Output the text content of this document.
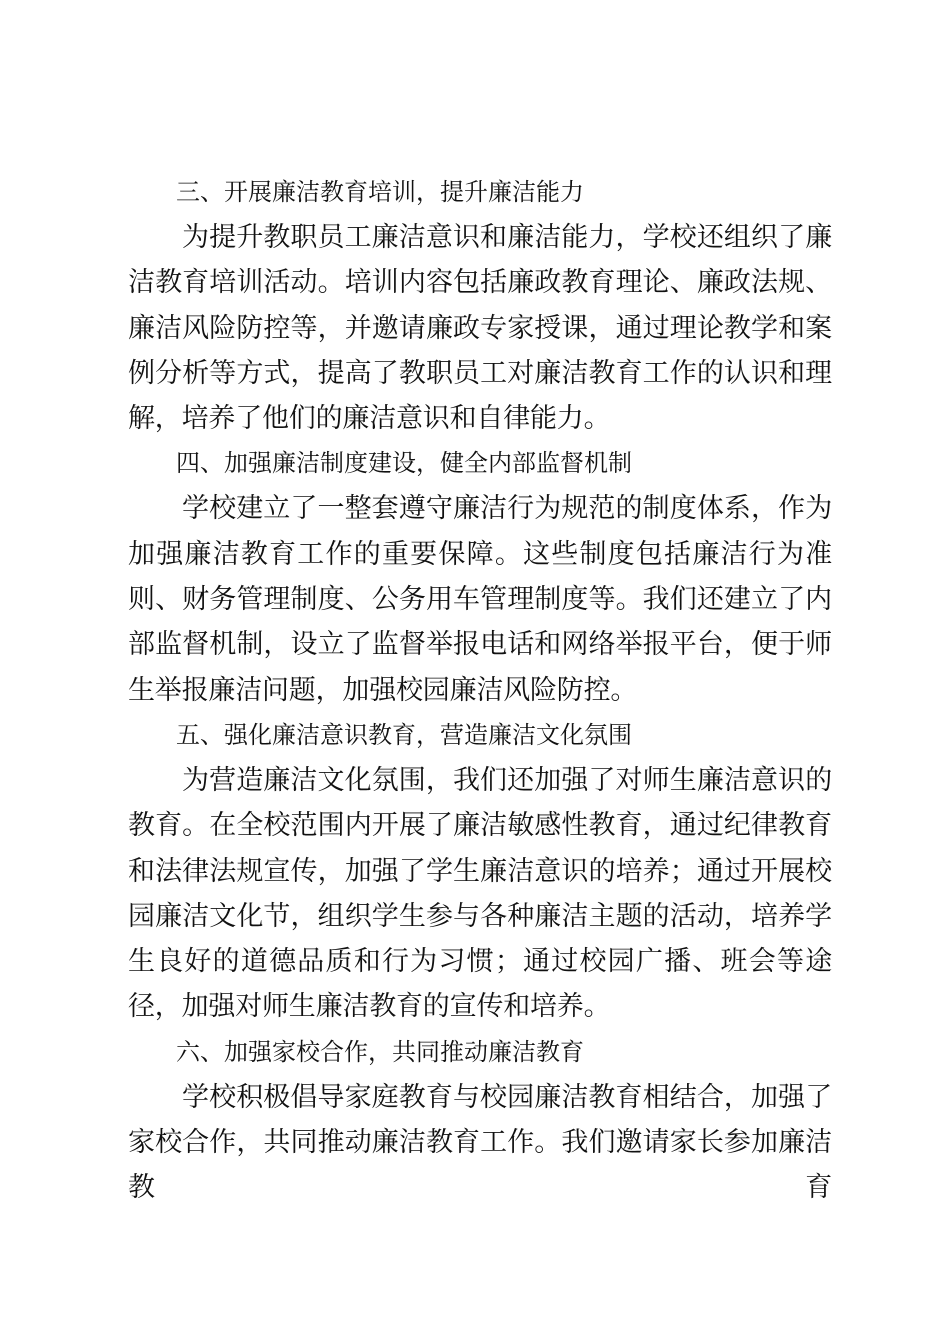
三、开展廉洁教育培训，提升廉洁能力

为提升教职员工廉洁意识和廉洁能力，学校还组织了廉洁教育培训活动。培训内容包括廉政教育理论、廉政法规、廉洁风险防控等，并邀请廉政专家授课，通过理论教学和案例分析等方式，提高了教职员工对廉洁教育工作的认识和理解，培养了他们的廉洁意识和自律能力。

四、加强廉洁制度建设，健全内部监督机制

学校建立了一整套遵守廉洁行为规范的制度体系，作为加强廉洁教育工作的重要保障。这些制度包括廉洁行为准则、财务管理制度、公务用车管理制度等。我们还建立了内部监督机制，设立了监督举报电话和网络举报平台，便于师生举报廉洁问题，加强校园廉洁风险防控。

五、强化廉洁意识教育，营造廉洁文化氛围

为营造廉洁文化氛围，我们还加强了对师生廉洁意识的教育。在全校范围内开展了廉洁敏感性教育，通过纪律教育和法律法规宣传，加强了学生廉洁意识的培养；通过开展校园廉洁文化节，组织学生参与各种廉洁主题的活动，培养学生良好的道德品质和行为习惯；通过校园广播、班会等途径，加强对师生廉洁教育的宣传和培养。

六、加强家校合作，共同推动廉洁教育

学校积极倡导家庭教育与校园廉洁教育相结合，加强了家校合作，共同推动廉洁教育工作。我们邀请家长参加廉洁教育
